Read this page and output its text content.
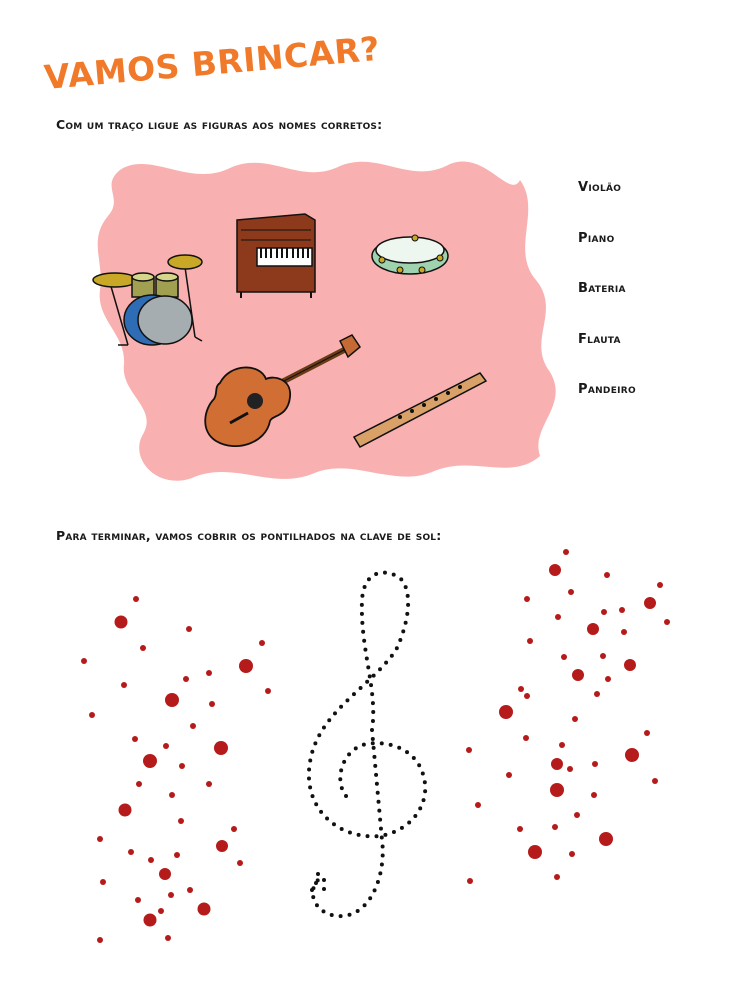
VAMOS BRINCAR?

Com um traço ligue as figuras aos nomes corretos:

Violão
Piano
Bateria
Flauta
Pandeiro

Para terminar, vamos cobrir os pontilhados na clave de sol:
